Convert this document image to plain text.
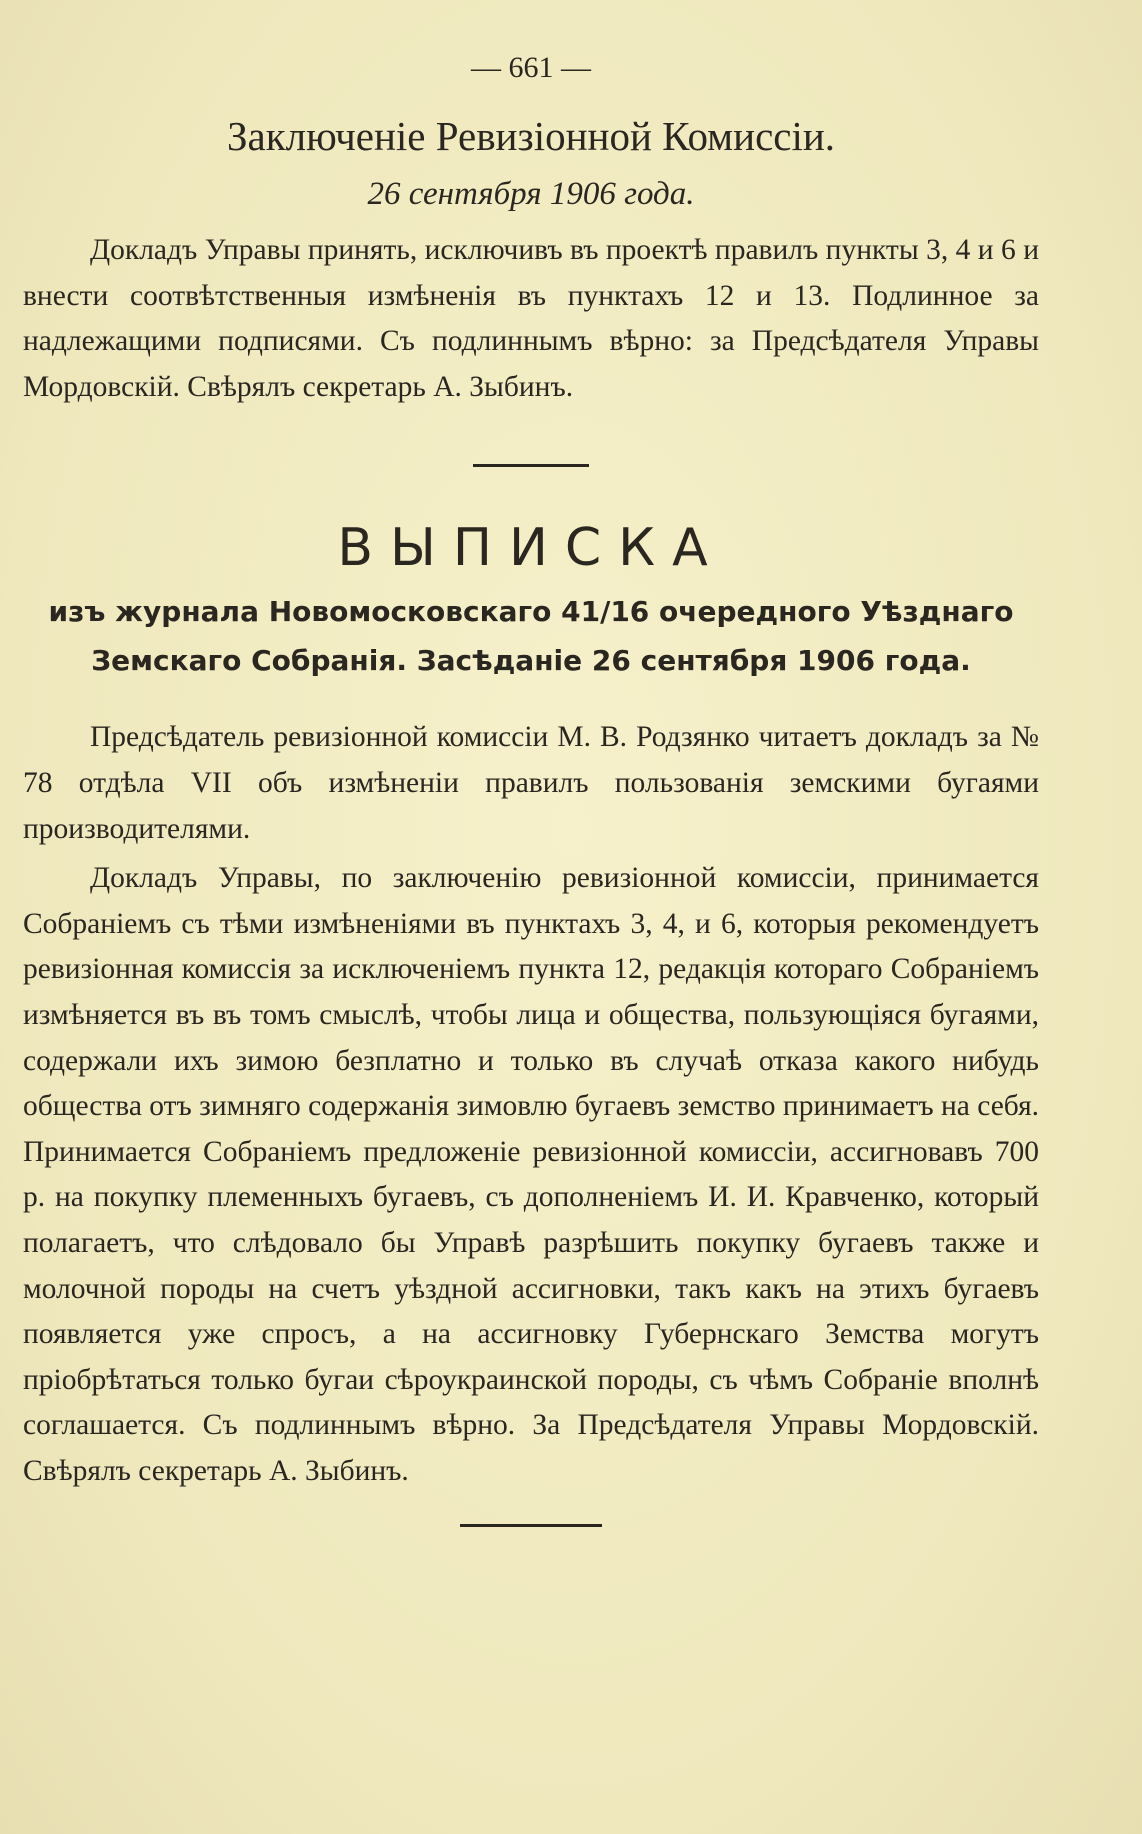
— 661 —
Заключеніе Ревизіонной Комиссіи.
26 сентября 1906 года.

Докладъ Управы принять, исключивъ въ проектѣ правилъ пункты 3, 4 и 6 и внести соотвѣтственныя измѣненія въ пунктахъ 12 и 13. Подлинное за надлежащими подписями. Съ подлиннымъ вѣрно: за Предсѣдателя Управы Мордовскій. Свѣрялъ секретарь А. Зыбинъ.

ВЫПИСКА
изъ журнала Новомосковскаго 41/16 очередного Уѣзднаго Земскаго Собранія. Засѣданіе 26 сентября 1906 года.

Предсѣдатель ревизіонной комиссіи М. В. Родзянко читаетъ докладъ за № 78 отдѣла VII объ измѣненіи правилъ пользованія земскими бугаями производителями.

Докладъ Управы, по заключенію ревизіонной комиссіи, принимается Собраніемъ съ тѣми измѣненіями въ пунктахъ 3, 4, и 6, которыя рекомендуетъ ревизіонная комиссія за исключеніемъ пункта 12, редакція котораго Собраніемъ измѣняется въ въ томъ смыслѣ, чтобы лица и общества, пользующіяся бугаями, содержали ихъ зимою безплатно и только въ случаѣ отказа какого нибудь общества отъ зимняго содержанія зимовлю бугаевъ земство принимаетъ на себя. Принимается Собраніемъ предложеніе ревизіонной комиссіи, ассигновавъ 700 р. на покупку племенныхъ бугаевъ, съ дополненіемъ И. И. Кравченко, который полагаетъ, что слѣдовало бы Управѣ разрѣшить покупку бугаевъ также и молочной породы на счетъ уѣздной ассигновки, такъ какъ на этихъ бугаевъ появляется уже спросъ, а на ассигновку Губернскаго Земства могутъ пріобрѣтаться только бугаи сѣроукраинской породы, съ чѣмъ Собраніе вполнѣ соглашается. Съ подлиннымъ вѣрно. За Предсѣдателя Управы Мордовскій. Свѣрялъ секретарь А. Зыбинъ.
